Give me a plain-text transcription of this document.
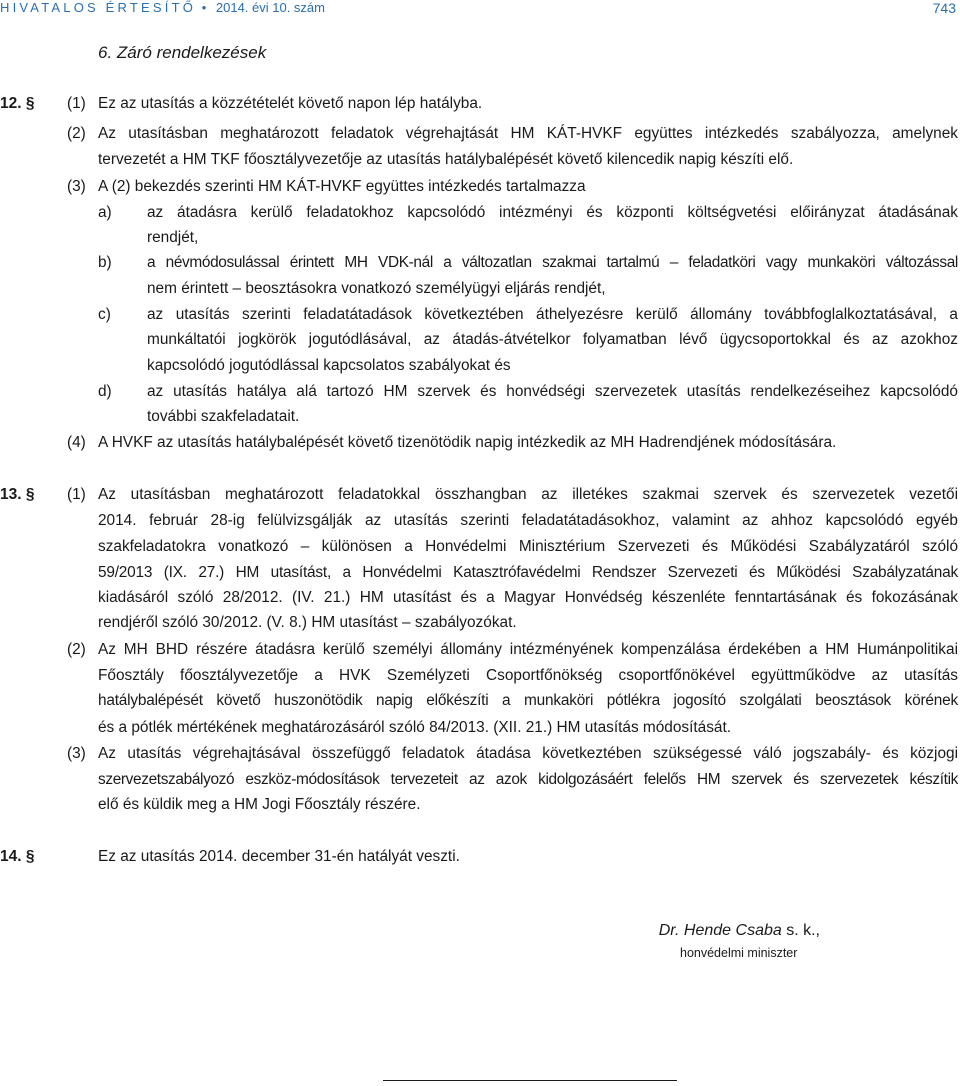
HIVATALOS ÉRTESÍTŐ • 2014. évi 10. szám	743
6. Záró rendelkezések
12. § (1) Ez az utasítás a közzétételét követő napon lép hatályba.
(2) Az utasításban meghatározott feladatok végrehajtását HM KÁT-HVKF együttes intézkedés szabályozza, amelynek
tervezetét a HM TKF főosztályvezetője az utasítás hatálybalépését követő kilencedik napig készíti elő.
(3) A (2) bekezdés szerinti HM KÁT-HVKF együttes intézkedés tartalmazza
a) az átadásra kerülő feladatokhoz kapcsolódó intézményi és központi költségvetési előirányzat átadásának
rendjét,
b) a névmódosulással érintett MH VDK-nál a változatlan szakmai tartalmú – feladatköri vagy munkaköri változással
nem érintett – beosztásokra vonatkozó személyügyi eljárás rendjét,
c) az utasítás szerinti feladatátadások következtében áthelyezésre kerülő állomány továbbfoglalkoztatásával, a
munkáltatói jogkörök jogutódlásával, az átadás-átvételkor folyamatban lévő ügycsoportokkal és az azokhoz
kapcsolódó jogutódlással kapcsolatos szabályokat és
d) az utasítás hatálya alá tartozó HM szervek és honvédségi szervezetek utasítás rendelkezéseihez kapcsolódó
további szakfeladatait.
(4) A HVKF az utasítás hatálybalépését követő tizenötödik napig intézkedik az MH Hadrendjének módosítására.
13. § (1) Az utasításban meghatározott feladatokkal összhangban az illetékes szakmai szervek és szervezetek vezetői
2014. február 28-ig felülvizsgálják az utasítás szerinti feladatátadásokhoz, valamint az ahhoz kapcsolódó egyéb
szakfeladatokra vonatkozó – különösen a Honvédelmi Minisztérium Szervezeti és Működési Szabályzatáról szóló
59/2013 (IX. 27.) HM utasítást, a Honvédelmi Katasztrófavédelmi Rendszer Szervezeti és Működési Szabályzatának
kiadásáról szóló 28/2012. (IV. 21.) HM utasítást és a Magyar Honvédség készenléte fenntartásának és fokozásának
rendjéről szóló 30/2012. (V. 8.) HM utasítást – szabályozókat.
(2) Az MH BHD részére átadásra kerülő személyi állomány intézményének kompenzálása érdekében a HM Humánpolitikai
Főosztály főosztályvezetője a HVK Személyzeti Csoportfőnökség csoportfőnökével együttműködve az utasítás
hatálybalépését követő huszonötödik napig előkészíti a munkaköri pótlékra jogosító szolgálati beosztások körének
és a pótlék mértékének meghatározásáról szóló 84/2013. (XII. 21.) HM utasítás módosítását.
(3) Az utasítás végrehajtásával összefüggő feladatok átadása következtében szükségessé váló jogszabály- és közjogi
szervezetszabályozó eszköz-módosítások tervezeteit az azok kidolgozásáért felelős HM szervek és szervezetek készítik
elő és küldik meg a HM Jogi Főosztály részére.
14. §	Ez az utasítás 2014. december 31-én hatályát veszti.
Dr. Hende Csaba s. k.,
honvédelmi miniszter
